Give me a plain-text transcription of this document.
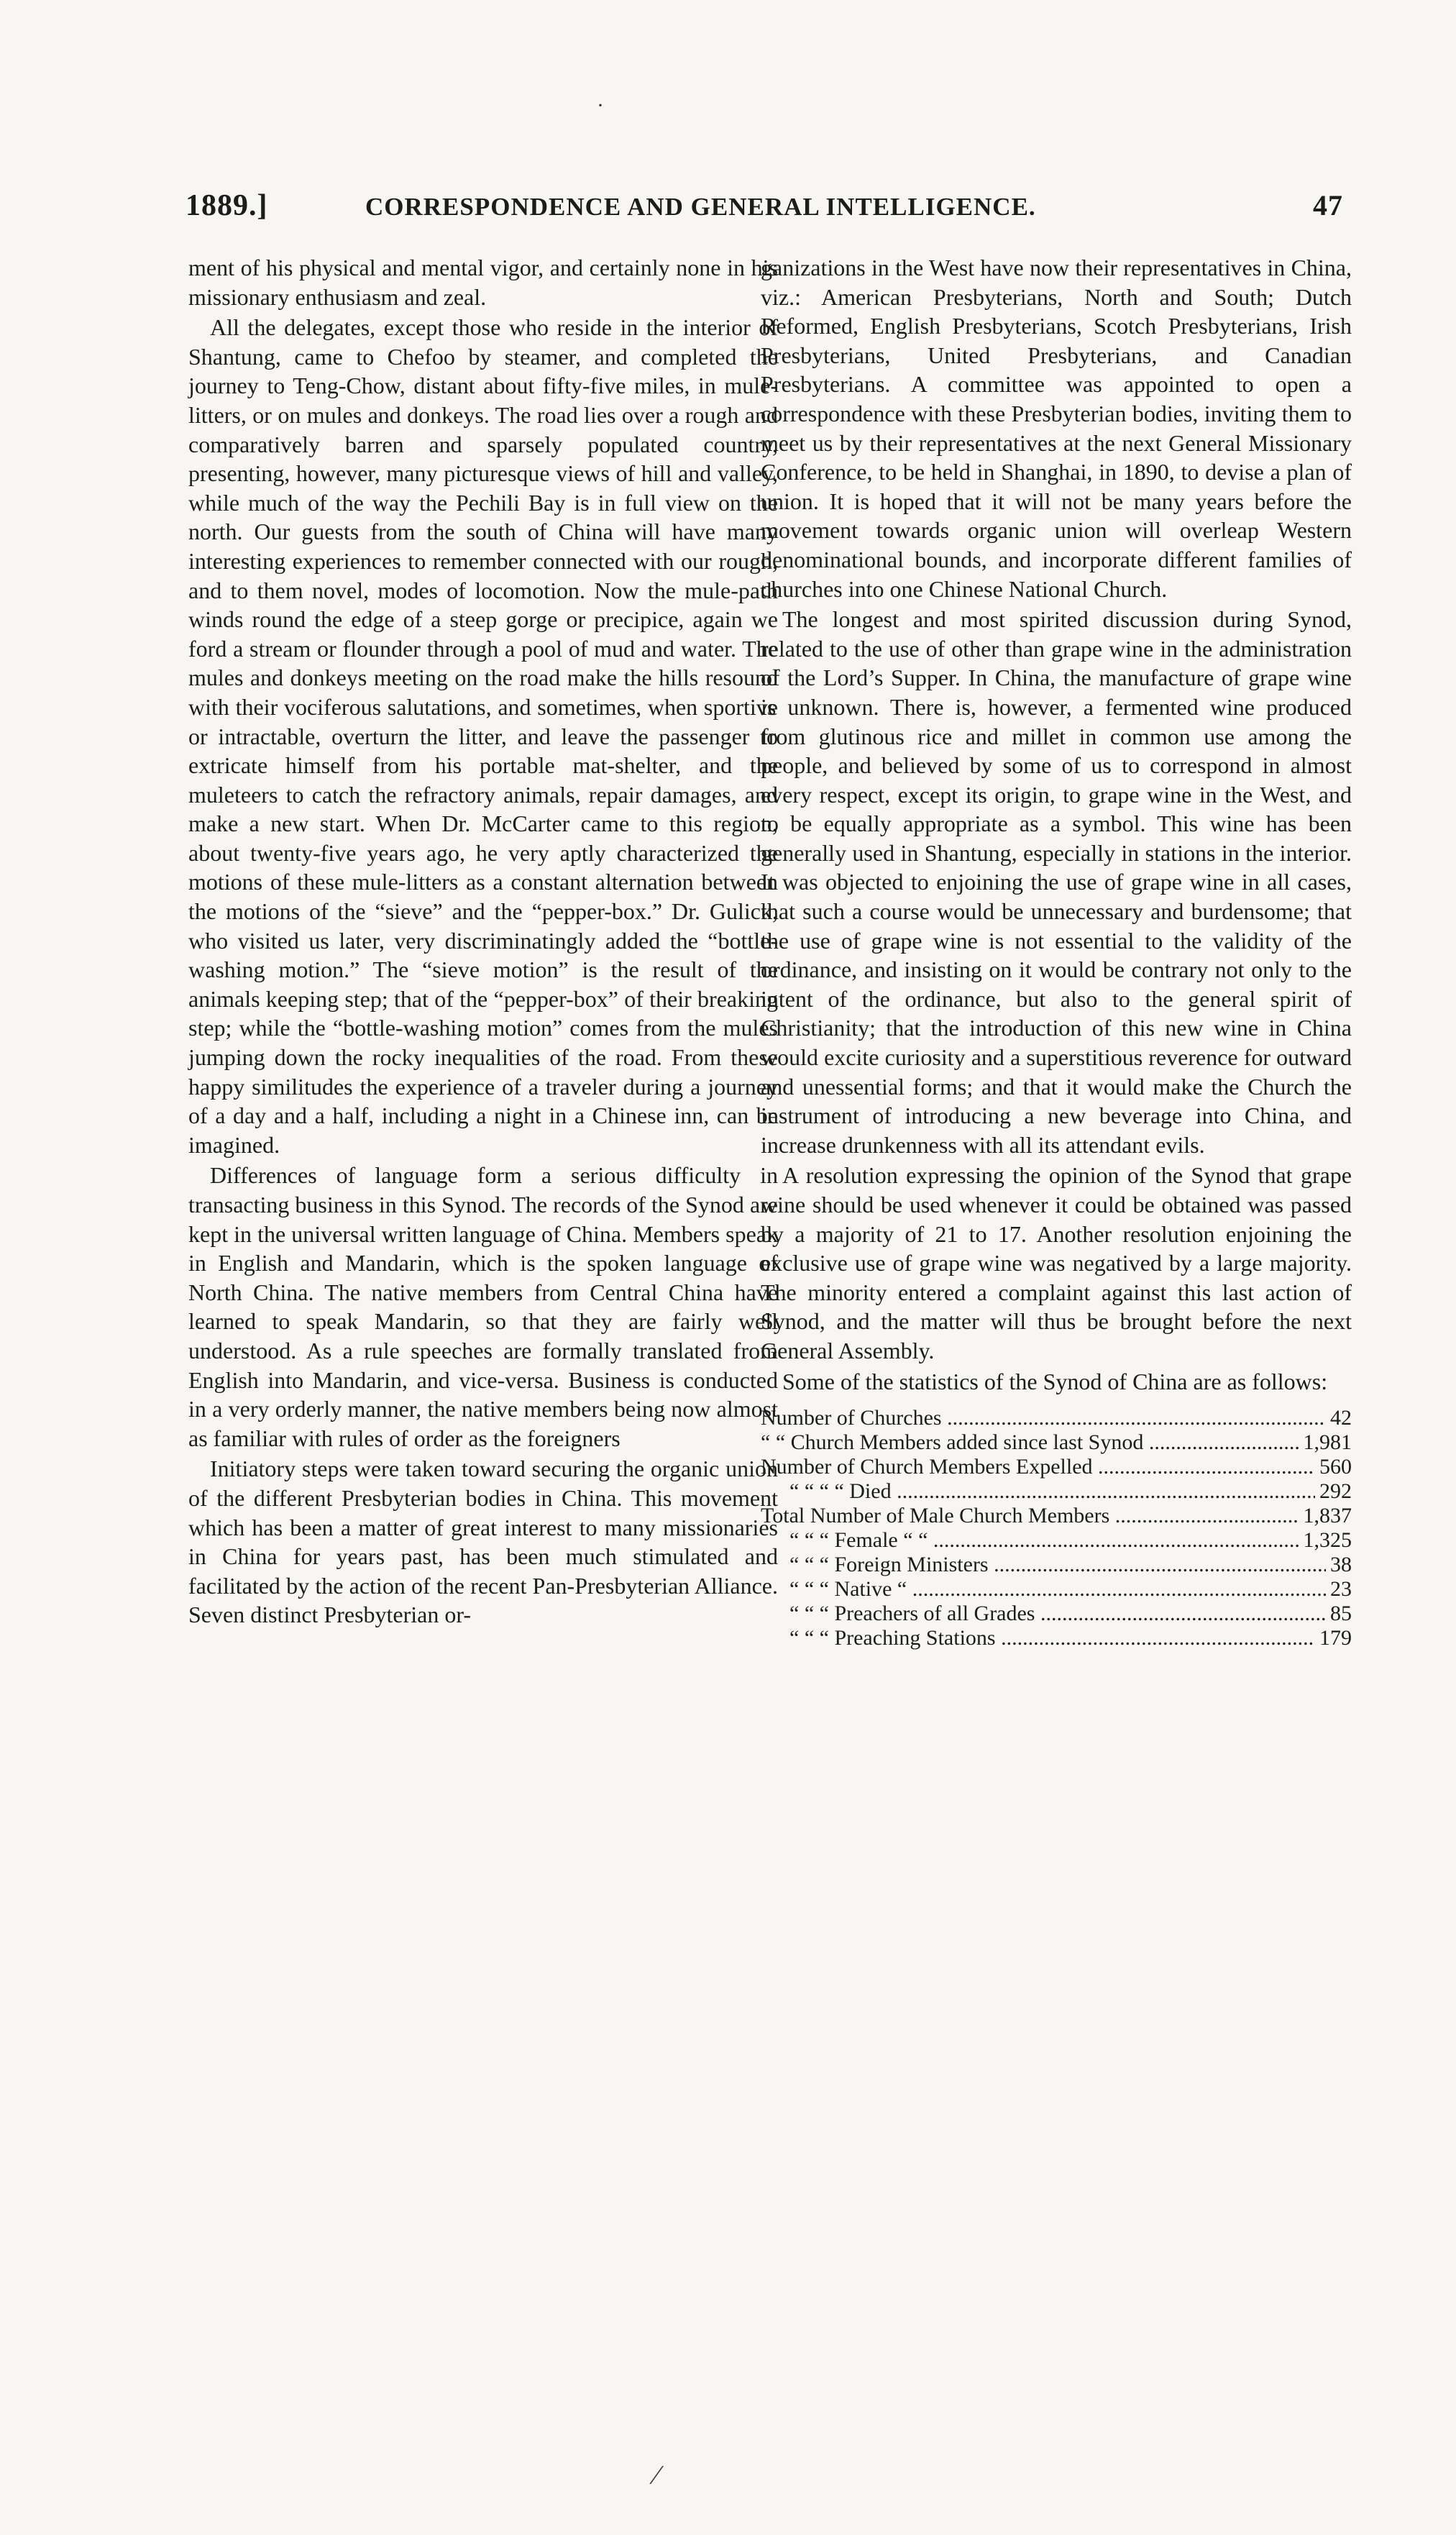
1889.]	CORRESPONDENCE AND GENERAL INTELLIGENCE.	47

ment of his physical and mental vigor, and certainly none in his missionary enthusiasm and zeal.

All the delegates, except those who reside in the interior of Shantung, came to Chefoo by steamer, and completed the journey to Teng-Chow, distant about fifty-five miles, in mule-litters, or on mules and donkeys. The road lies over a rough and comparatively barren and sparsely populated country, presenting, however, many picturesque views of hill and valley, while much of the way the Pechili Bay is in full view on the north. Our guests from the south of China will have many interesting experiences to remember connected with our rough, and to them novel, modes of locomotion. Now the mule-path winds round the edge of a steep gorge or precipice, again we ford a stream or flounder through a pool of mud and water. The mules and donkeys meeting on the road make the hills resound with their vociferous salutations, and sometimes, when sportive or intractable, overturn the litter, and leave the passenger to extricate himself from his portable mat-shelter, and the muleteers to catch the refractory animals, repair damages, and make a new start. When Dr. McCarter came to this region, about twenty-five years ago, he very aptly characterized the motions of these mule-litters as a constant alternation between the motions of the “sieve” and the “pepper-box.” Dr. Gulick, who visited us later, very discriminatingly added the “bottle-washing motion.” The “sieve motion” is the result of the animals keeping step; that of the “pepper-box” of their breaking step; while the “bottle-washing motion” comes from the mules jumping down the rocky inequalities of the road. From these happy similitudes the experience of a traveler during a journey of a day and a half, including a night in a Chinese inn, can be imagined.

Differences of language form a serious difficulty in transacting business in this Synod. The records of the Synod are kept in the universal written language of China. Members speak in English and Mandarin, which is the spoken language of North China. The native members from Central China have learned to speak Mandarin, so that they are fairly well understood. As a rule speeches are formally translated from English into Mandarin, and vice-versa. Business is conducted in a very orderly manner, the native members being now almost as familiar with rules of order as the foreigners

Initiatory steps were taken toward securing the organic union of the different Presbyterian bodies in China. This movement which has been a matter of great interest to many missionaries in China for years past, has been much stimulated and facilitated by the action of the recent Pan-Presbyterian Alliance. Seven distinct Presbyterian or-

ganizations in the West have now their representatives in China, viz.: American Presbyterians, North and South; Dutch Reformed, English Presbyterians, Scotch Presbyterians, Irish Presbyterians, United Presbyterians, and Canadian Presbyterians. A committee was appointed to open a correspondence with these Presbyterian bodies, inviting them to meet us by their representatives at the next General Missionary Conference, to be held in Shanghai, in 1890, to devise a plan of union. It is hoped that it will not be many years before the movement towards organic union will overleap Western denominational bounds, and incorporate different families of churches into one Chinese National Church.

The longest and most spirited discussion during Synod, related to the use of other than grape wine in the administration of the Lord’s Supper. In China, the manufacture of grape wine is unknown. There is, however, a fermented wine produced from glutinous rice and millet in common use among the people, and believed by some of us to correspond in almost every respect, except its origin, to grape wine in the West, and to be equally appropriate as a symbol. This wine has been generally used in Shantung, especially in stations in the interior. It was objected to enjoining the use of grape wine in all cases, that such a course would be unnecessary and burdensome; that the use of grape wine is not essential to the validity of the ordinance, and insisting on it would be contrary not only to the intent of the ordinance, but also to the general spirit of Christianity; that the introduction of this new wine in China would excite curiosity and a superstitious reverence for outward and unessential forms; and that it would make the Church the instrument of introducing a new beverage into China, and increase drunkenness with all its attendant evils.

A resolution expressing the opinion of the Synod that grape wine should be used whenever it could be obtained was passed by a majority of 21 to 17. Another resolution enjoining the exclusive use of grape wine was negatived by a large majority. The minority entered a complaint against this last action of Synod, and the matter will thus be brought before the next General Assembly.

Some of the statistics of the Synod of China are as follows:

Number of Churches .....	42
“ “ Church Members added since last Synod .....	1,981
Number of Church Members Expelled .....	560
“ “ “ “ Died .....	292
Total Number of Male Church Members .....	1,837
“ “ “ Female “ “ .....	1,325
“ “ “ Foreign Ministers .....	38
“ “ “ Native “ .....	23
“ “ “ Preachers of all Grades .....	85
“ “ “ Preaching Stations .....	179
·
⁄
